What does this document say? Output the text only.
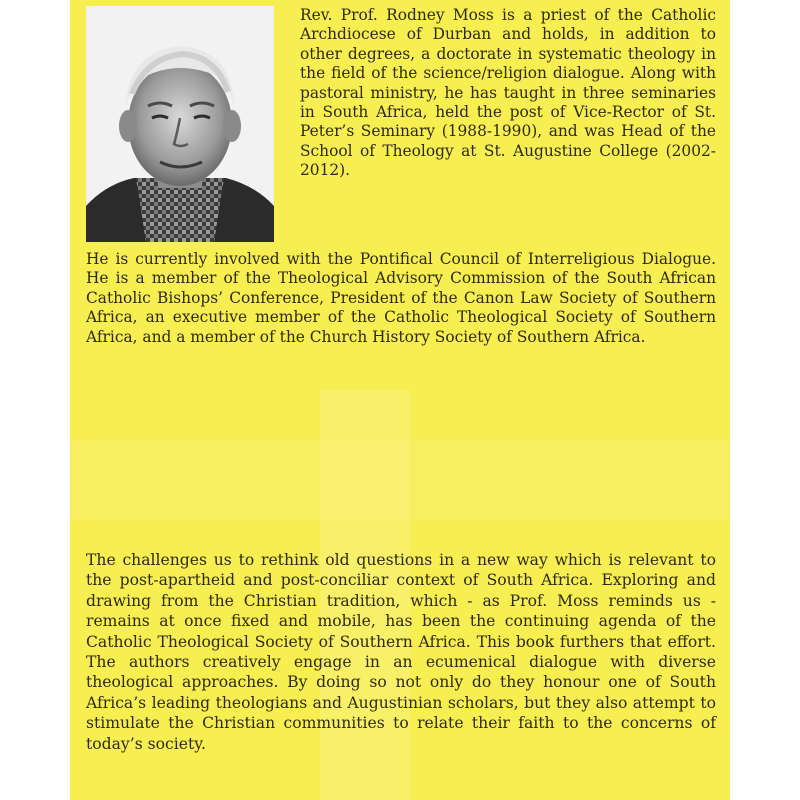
Rev. Prof. Rodney Moss is a priest of the Catholic Archdiocese of Durban and holds, in addition to other degrees, a doctorate in systematic theology in the field of the science/religion dialogue. Along with pastoral ministry, he has taught in three seminaries in South Africa, held the post of Vice-Rector of St. Peter’s Seminary (1988-1990), and was Head of the School of Theology at St. Augustine College (2002-2012).

He is currently involved with the Pontifical Council of Interreligious Dialogue. He is a member of the Theological Advisory Commission of the South African Catholic Bishops’ Conference, President of the Canon Law Society of Southern Africa, an executive member of the Catholic Theological Society of Southern Africa, and a member of the Church History Society of Southern Africa.

The challenges us to rethink old questions in a new way which is relevant to the post-apartheid and post-conciliar context of South Africa. Exploring and drawing from the Christian tradition, which - as Prof. Moss reminds us - remains at once fixed and mobile, has been the continuing agenda of the Catholic Theological Society of Southern Africa. This book furthers that effort. The authors creatively engage in an ecumenical dialogue with diverse theological approaches. By doing so not only do they honour one of South Africa’s leading theologians and Augustinian scholars, but they also attempt to stimulate the Christian communities to relate their faith to the concerns of today’s society.
